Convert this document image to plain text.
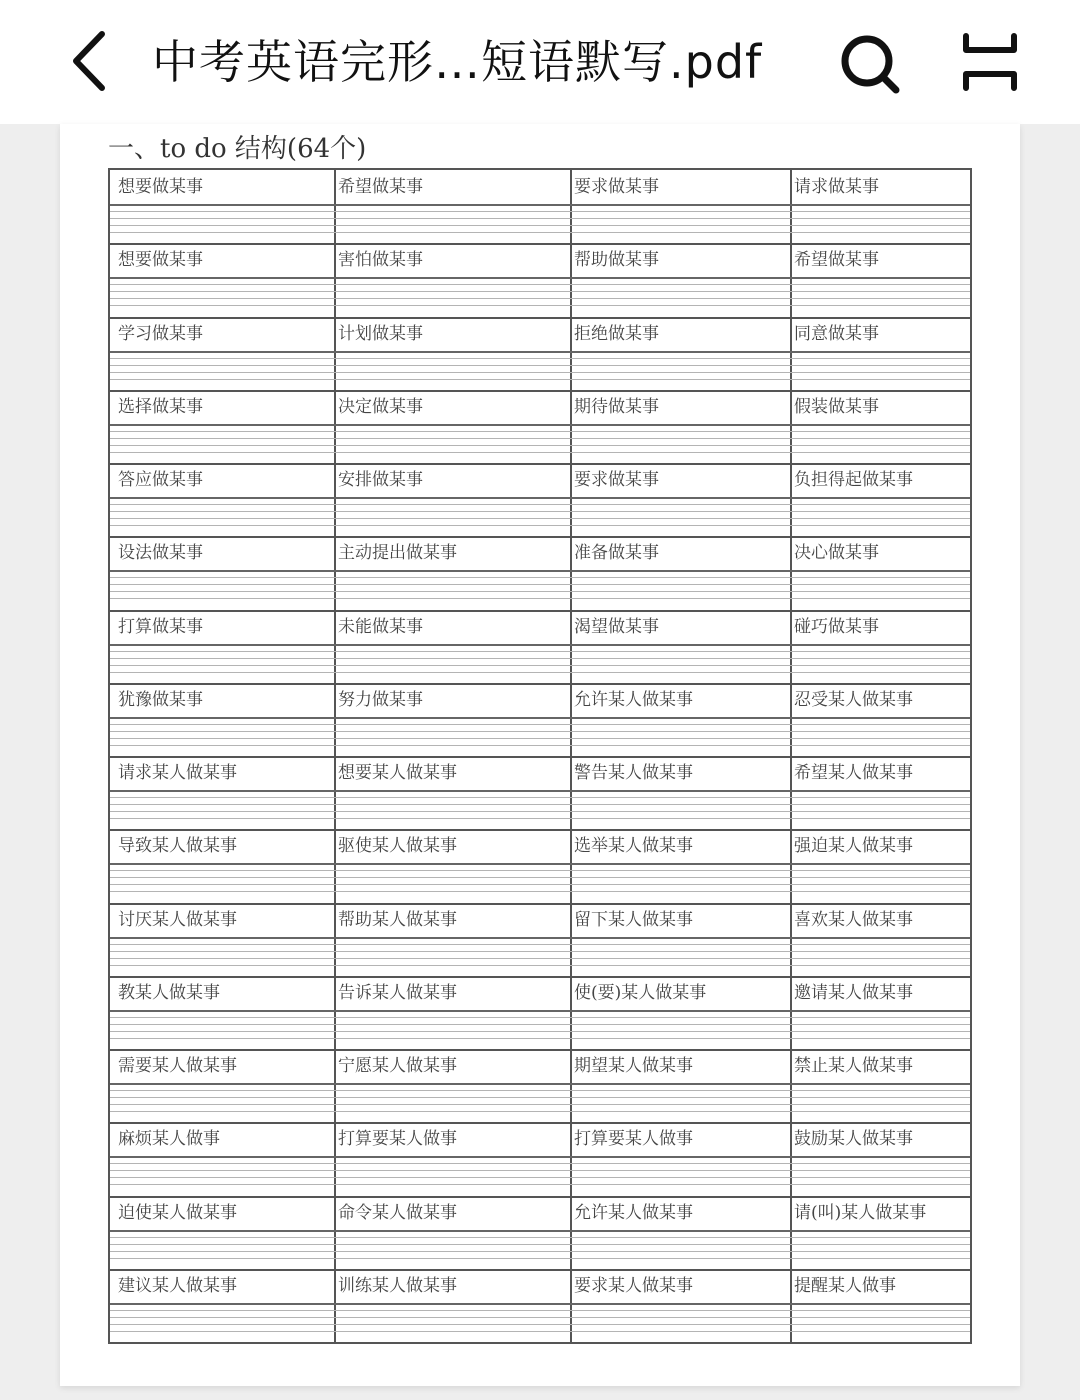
中考英语完形…短语默写.pdf
一、to do 结构(64个)
想要做某事	希望做某事	要求做某事	请求做某事
想要做某事	害怕做某事	帮助做某事	希望做某事
学习做某事	计划做某事	拒绝做某事	同意做某事
选择做某事	决定做某事	期待做某事	假装做某事
答应做某事	安排做某事	要求做某事	负担得起做某事
设法做某事	主动提出做某事	准备做某事	决心做某事
打算做某事	未能做某事	渴望做某事	碰巧做某事
犹豫做某事	努力做某事	允许某人做某事	忍受某人做某事
请求某人做某事	想要某人做某事	警告某人做某事	希望某人做某事
导致某人做某事	驱使某人做某事	选举某人做某事	强迫某人做某事
讨厌某人做某事	帮助某人做某事	留下某人做某事	喜欢某人做某事
教某人做某事	告诉某人做某事	使(要)某人做某事	邀请某人做某事
需要某人做某事	宁愿某人做某事	期望某人做某事	禁止某人做某事
麻烦某人做事	打算要某人做事	打算要某人做事	鼓励某人做某事
迫使某人做某事	命令某人做某事	允许某人做某事	请(叫)某人做某事
建议某人做某事	训练某人做某事	要求某人做某事	提醒某人做事
